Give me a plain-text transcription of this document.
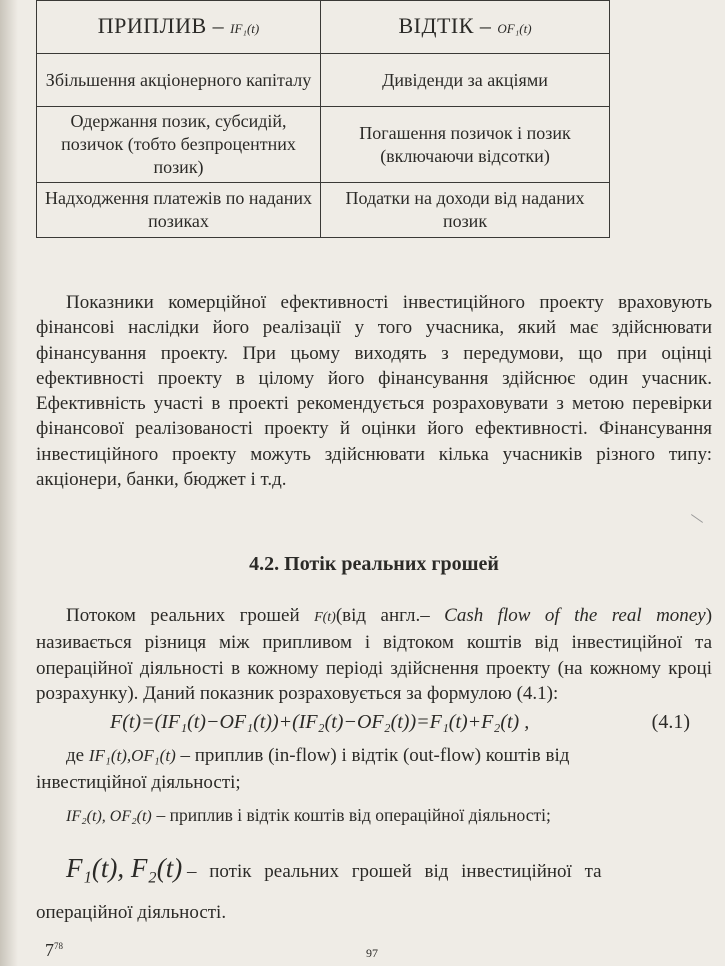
ПРИПЛИВ – IF₁(t)	ВІДТІК – OF₁(t)
Збільшення акціонерного капіталу	Дивіденди за акціями
Одержання позик, субсидій, позичок (тобто безпроцентних позик)	Погашення позичок і позик (включаючи відсотки)
Надходження платежів по наданих позиках	Податки на доходи від наданих позик

Показники комерційної ефективності інвестиційного проекту враховують фінансові наслідки його реалізації у того учасника, який має здійснювати фінансування проекту. При цьому виходять з передумови, що при оцінці ефективності проекту в цілому його фінансування здійснює один учасник. Ефективність участі в проекті рекомендується розраховувати з метою перевірки фінансової реалізованості проекту й оцінки його ефективності. Фінансування інвестиційного проекту можуть здійснювати кілька учасників різного типу: акціонери, банки, бюджет і т.д.

4.2. Потік реальних грошей

Потоком реальних грошей F(t)(від англ.– Cash flow of the real money) називається різниця між припливом і відтоком коштів від інвестиційної та операційної діяльності в кожному періоді здійснення проекту (на кожному кроці розрахунку). Даний показник розраховується за формулою (4.1):

F(t)=(IF₁(t)−OF₁(t))+(IF₂(t)−OF₂(t))=F₁(t)+F₂(t) ,	(4.1)
де IF₁(t),OF₁(t) – приплив (in-flow) і відтік (out-flow) коштів від
інвестиційної діяльності;
IF₂(t), OF₂(t) – приплив і відтік коштів від операційної діяльності;
F₁(t), F₂(t) – потік реальних грошей від інвестиційної та
операційної діяльності.
$7^{78}$	97
